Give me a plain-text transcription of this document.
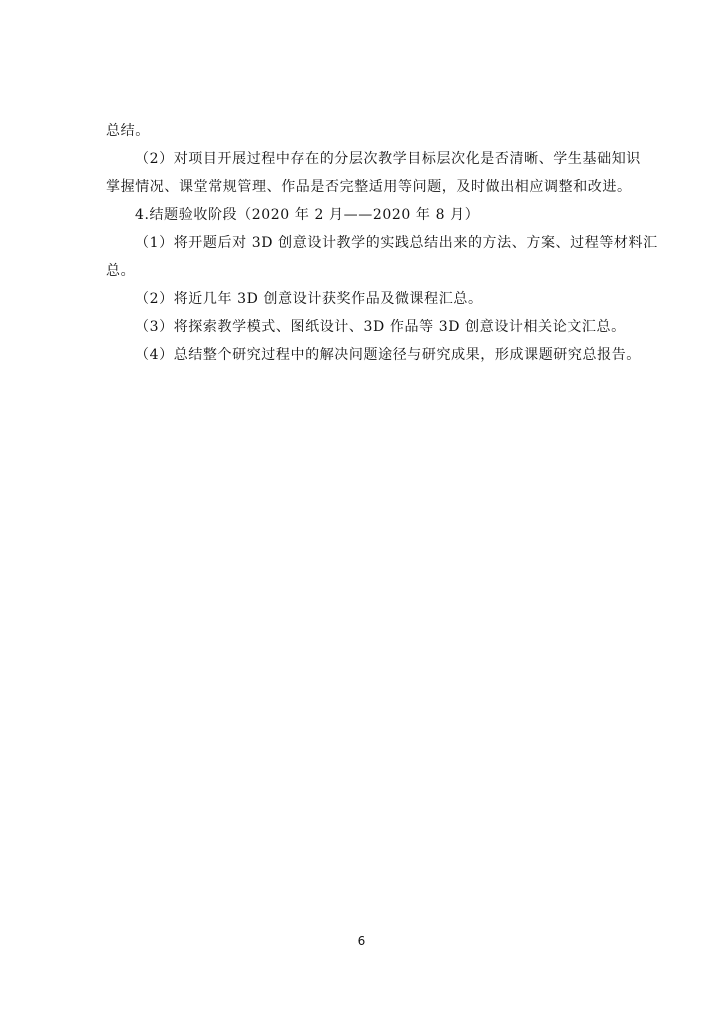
总结。
（2）对项目开展过程中存在的分层次教学目标层次化是否清晰、学生基础知识
掌握情况、课堂常规管理、作品是否完整适用等问题，及时做出相应调整和改进。
4.结题验收阶段（2020 年 2 月——2020 年 8 月）
（1）将开题后对 3D 创意设计教学的实践总结出来的方法、方案、过程等材料汇
总。
（2）将近几年 3D 创意设计获奖作品及微课程汇总。
（3）将探索教学模式、图纸设计、3D 作品等 3D 创意设计相关论文汇总。
（4）总结整个研究过程中的解决问题途径与研究成果，形成课题研究总报告。
6
